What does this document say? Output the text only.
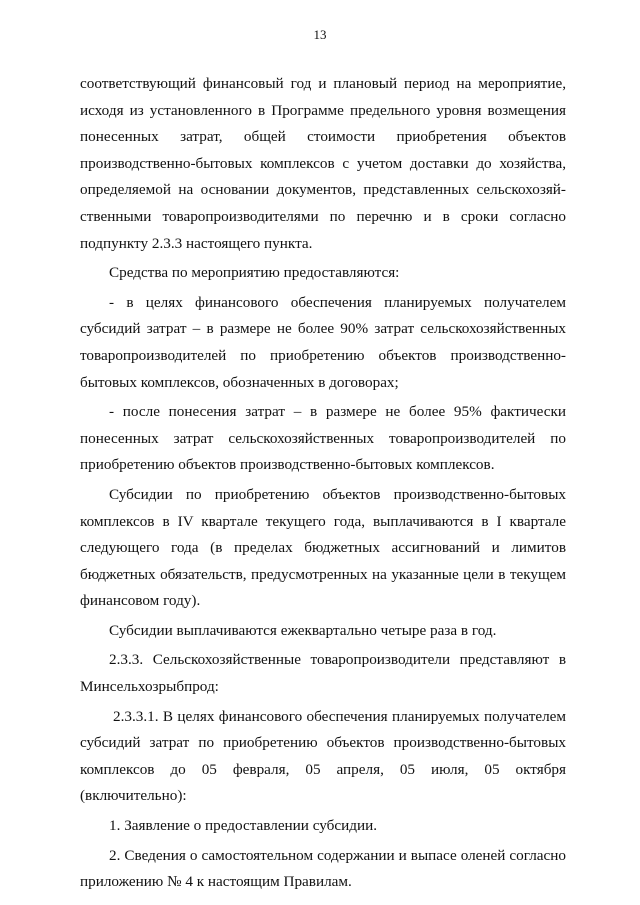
13

соответствующий финансовый год и плановый период на мероприятие, исходя из установленного в Программе предельного уровня возмещения понесенных затрат, общей стоимости приобретения объектов производственно-бытовых комплексов с учетом доставки до хозяйства, определяемой на основании документов, представленных сельскохозяй-ственными товаропроизводителями по перечню и в сроки согласно подпункту 2.3.3 настоящего пункта.

Средства по мероприятию предоставляются:

- в целях финансового обеспечения планируемых получателем субсидий затрат – в размере не более 90% затрат сельскохозяйственных товаропроизводителей по приобретению объектов производственно-бытовых комплексов, обозначенных в договорах;

- после понесения затрат – в размере не более 95% фактически понесенных затрат сельскохозяйственных товаропроизводителей по приобретению объектов производственно-бытовых комплексов.

Субсидии по приобретению объектов производственно-бытовых комплексов в IV квартале текущего года, выплачиваются в I квартале следующего года (в пределах бюджетных ассигнований и лимитов бюджетных обязательств, предусмотренных на указанные цели в текущем финансовом году).

Субсидии выплачиваются ежеквартально четыре раза в год.

2.3.3. Сельскохозяйственные товаропроизводители представляют в Минсельхозрыбпрод:

2.3.3.1. В целях финансового обеспечения планируемых получателем субсидий затрат по приобретению объектов производственно-бытовых комплексов до 05 февраля, 05 апреля, 05 июля, 05 октября (включительно):

1. Заявление о предоставлении субсидии.

2. Сведения о самостоятельном содержании и выпасе оленей согласно приложению № 4 к настоящим Правилам.
